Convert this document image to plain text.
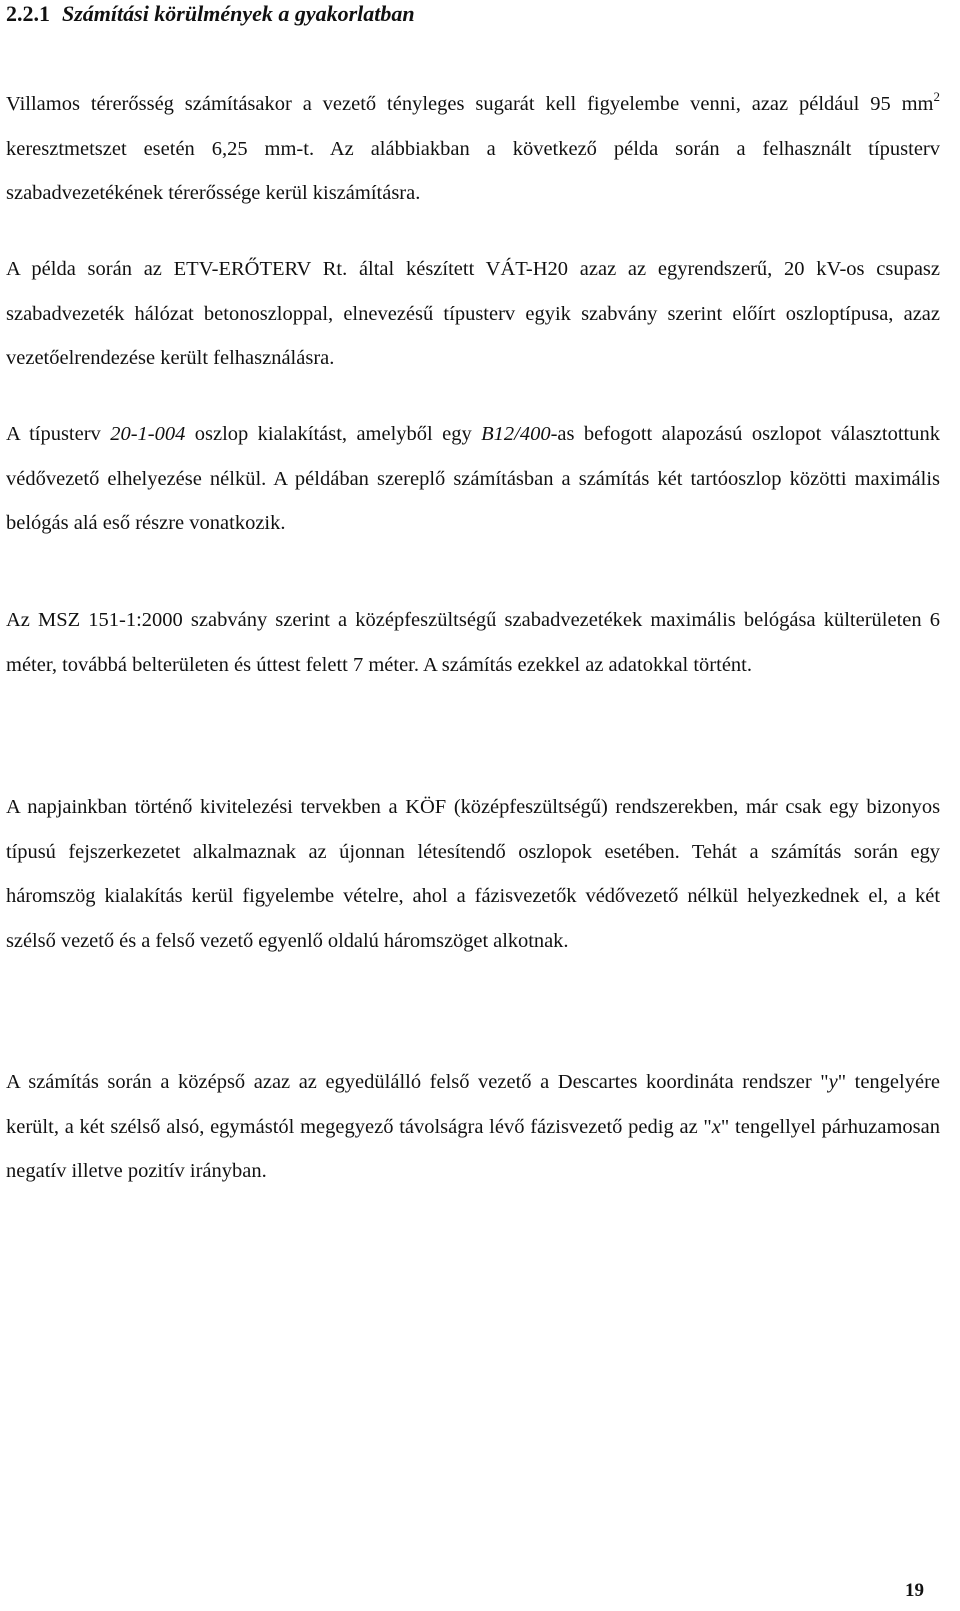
2.2.1 Számítási körülmények a gyakorlatban

Villamos térerősség számításakor a vezető tényleges sugarát kell figyelembe venni, azaz például 95 $mm^2$ keresztmetszet esetén 6,25 mm-t. Az alábbiakban a következő példa során a felhasznált típusterv szabadvezetékének térerőssége kerül kiszámításra.

A példa során az ETV-ERŐTERV Rt. által készített VÁT-H20 azaz az egyrendszerű, 20 kV-os csupasz szabadvezeték hálózat betonoszloppal, elnevezésű típusterv egyik szabvány szerint előírt oszloptípusa, azaz vezetőelrendezése került felhasználásra.

A típusterv 20-1-004 oszlop kialakítást, amelyből egy B12/400-as befogott alapozású oszlopot választottunk védővezető elhelyezése nélkül. A példában szereplő számításban a számítás két tartóoszlop közötti maximális belógás alá eső részre vonatkozik.

Az MSZ 151-1:2000 szabvány szerint a középfeszültségű szabadvezetékek maximális belógása külterületen 6 méter, továbbá belterületen és úttest felett 7 méter. A számítás ezekkel az adatokkal történt.

A napjainkban történő kivitelezési tervekben a KÖF (középfeszültségű) rendszerekben, már csak egy bizonyos típusú fejszerkezetet alkalmaznak az újonnan létesítendő oszlopok esetében. Tehát a számítás során egy háromszög kialakítás kerül figyelembe vételre, ahol a fázisvezetők védővezető nélkül helyezkednek el, a két szélső vezető és a felső vezető egyenlő oldalú háromszöget alkotnak.

A számítás során a középső azaz az egyedülálló felső vezető a Descartes koordináta rendszer "y" tengelyére került, a két szélső alsó, egymástól megegyező távolságra lévő fázisvezető pedig az "x" tengellyel párhuzamosan negatív illetve pozitív irányban.

19
